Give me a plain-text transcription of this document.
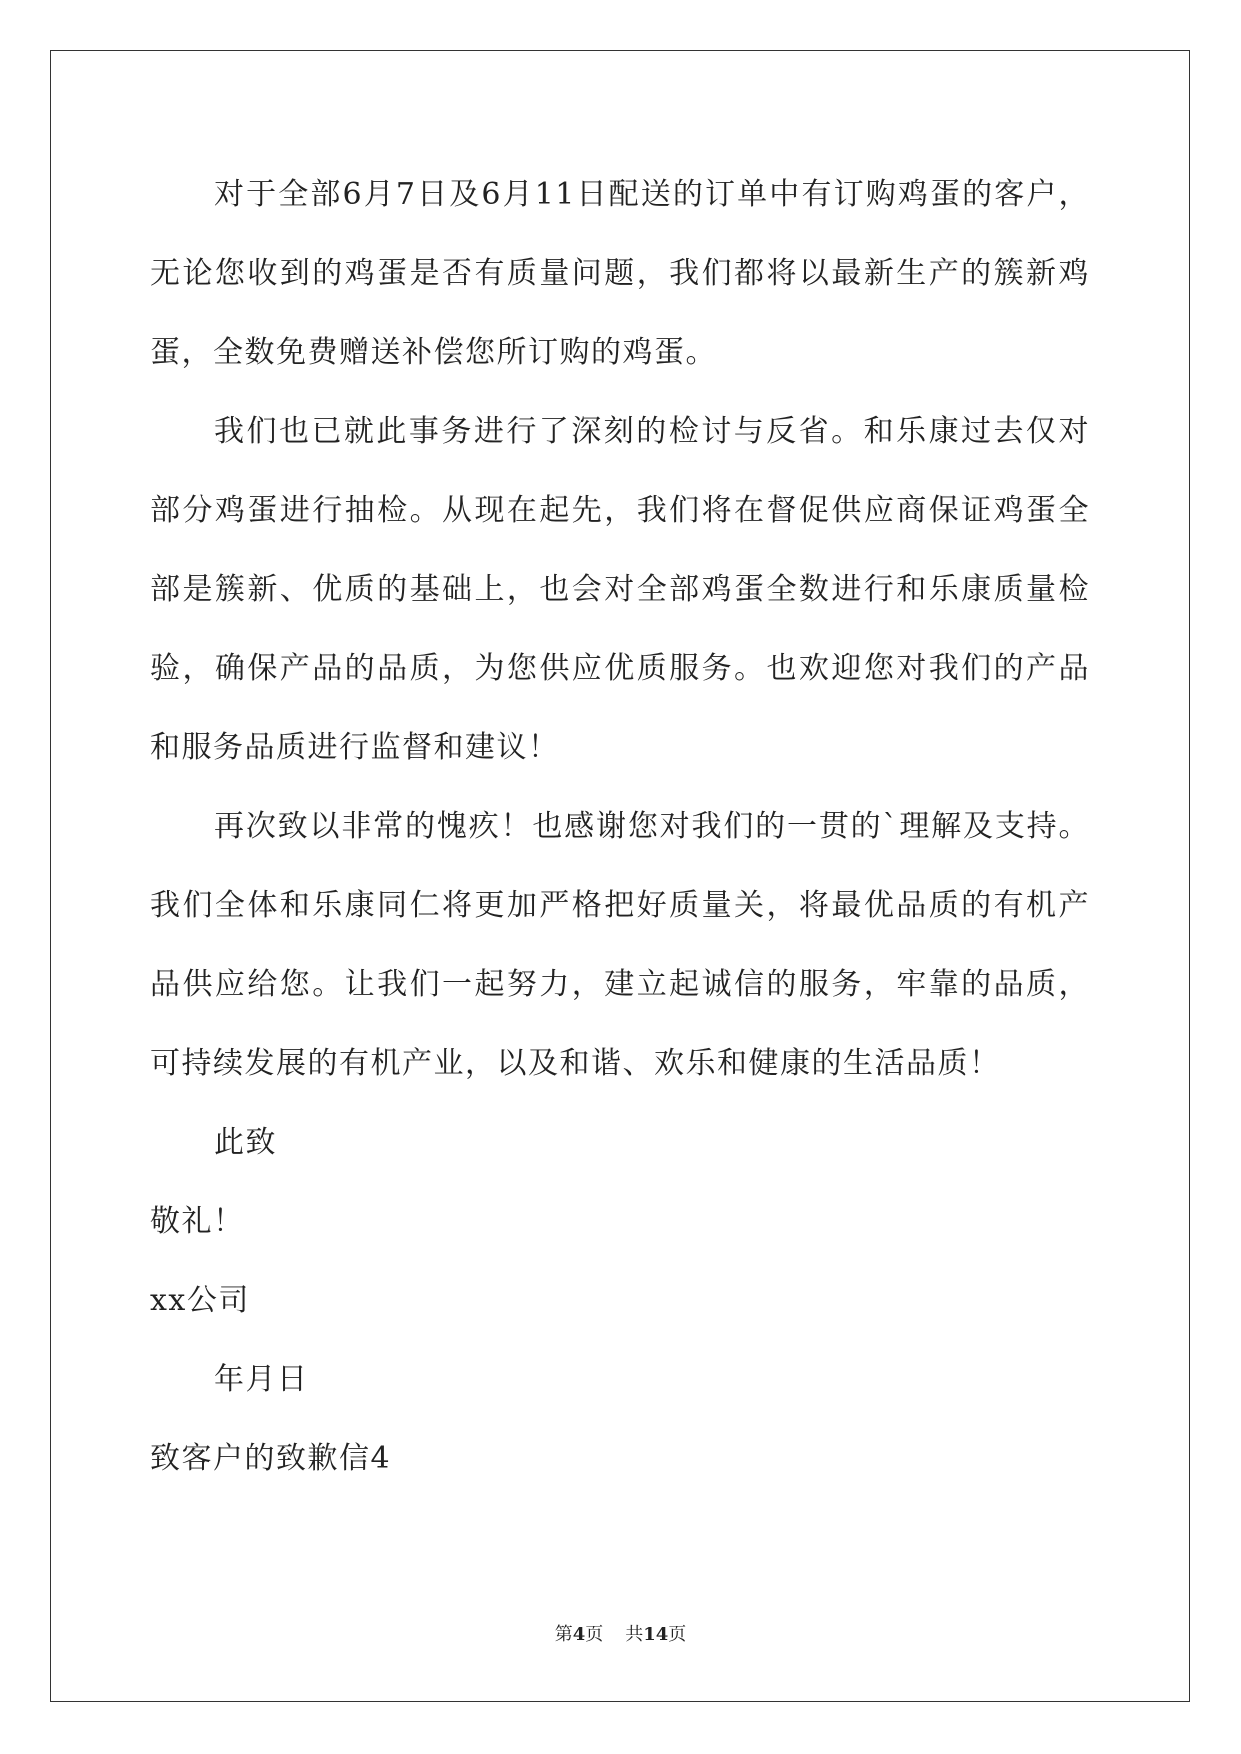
对于全部6月7日及6月11日配送的订单中有订购鸡蛋的客户，无论您收到的鸡蛋是否有质量问题，我们都将以最新生产的簇新鸡蛋，全数免费赠送补偿您所订购的鸡蛋。

我们也已就此事务进行了深刻的检讨与反省。和乐康过去仅对部分鸡蛋进行抽检。从现在起先，我们将在督促供应商保证鸡蛋全部是簇新、优质的基础上，也会对全部鸡蛋全数进行和乐康质量检验，确保产品的品质，为您供应优质服务。也欢迎您对我们的产品和服务品质进行监督和建议！

再次致以非常的愧疚！也感谢您对我们的一贯的`理解及支持。我们全体和乐康同仁将更加严格把好质量关，将最优品质的有机产品供应给您。让我们一起努力，建立起诚信的服务，牢靠的品质，可持续发展的有机产业，以及和谐、欢乐和健康的生活品质！

此致

敬礼！

xx公司

年月日

致客户的致歉信4

第4页 共14页
